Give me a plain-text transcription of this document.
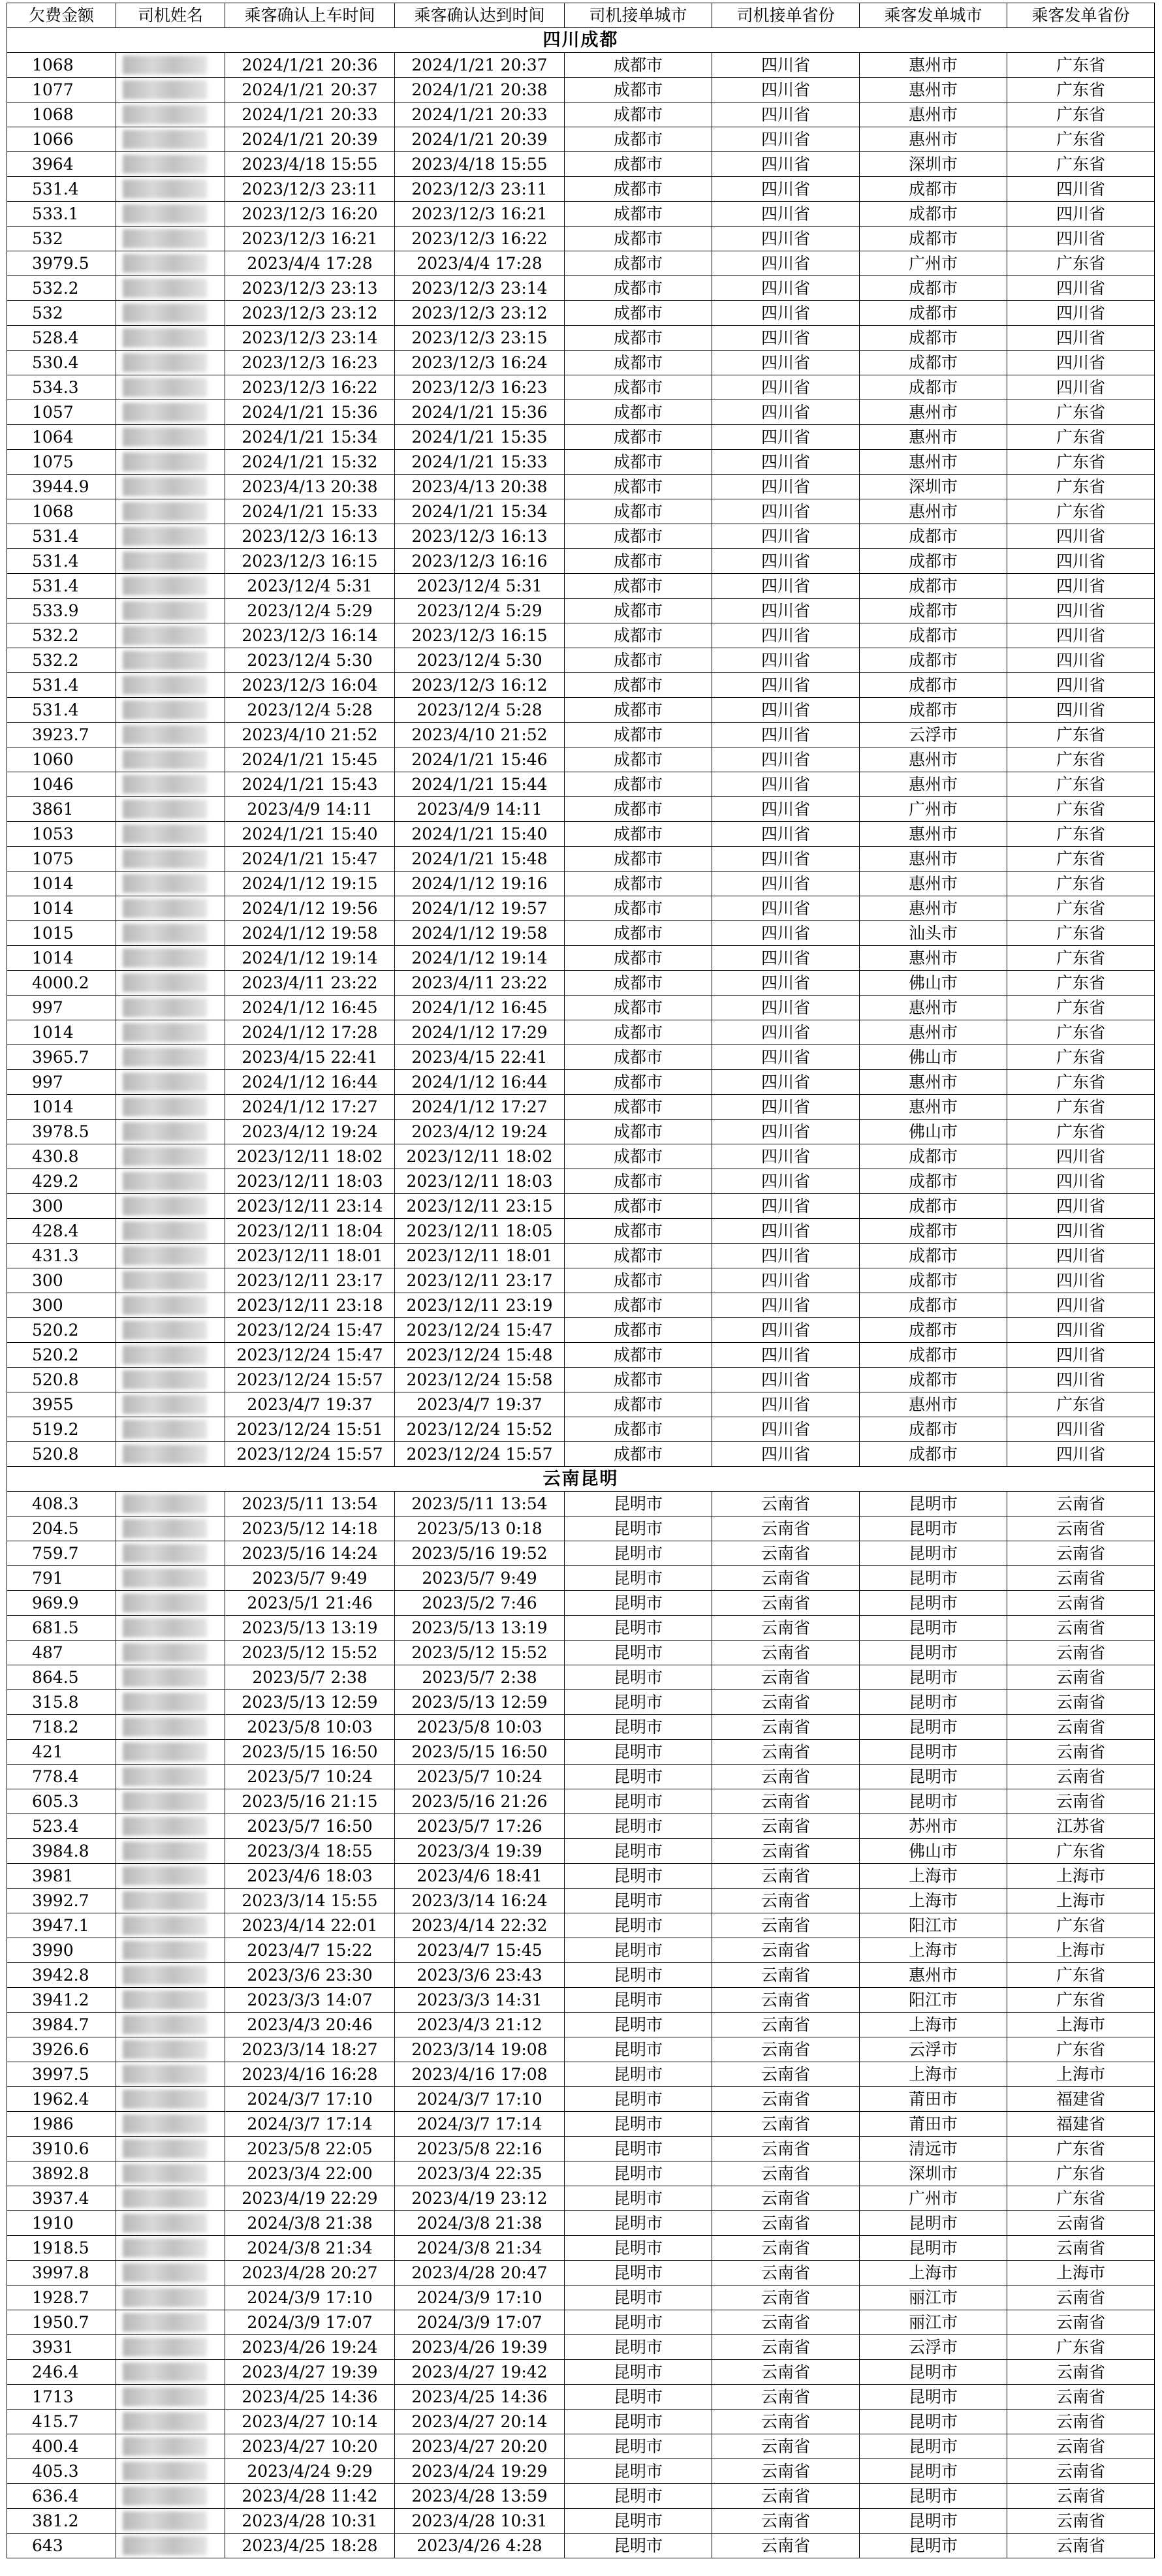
四川成都							
欠费金额	司机姓名	乘客确认上车时间	乘客确认达到时间	司机接单城市	司机接单省份	乘客发单城市	乘客发单省份
1068		2024/1/21 20:36	2024/1/21 20:37	成都市	四川省	惠州市	广东省
1077		2024/1/21 20:37	2024/1/21 20:38	成都市	四川省	惠州市	广东省
1068		2024/1/21 20:33	2024/1/21 20:33	成都市	四川省	惠州市	广东省
1066		2024/1/21 20:39	2024/1/21 20:39	成都市	四川省	惠州市	广东省
3964		2023/4/18 15:55	2023/4/18 15:55	成都市	四川省	深圳市	广东省
531.4		2023/12/3 23:11	2023/12/3 23:11	成都市	四川省	成都市	四川省
533.1		2023/12/3 16:20	2023/12/3 16:21	成都市	四川省	成都市	四川省
532		2023/12/3 16:21	2023/12/3 16:22	成都市	四川省	成都市	四川省
3979.5		2023/4/4 17:28	2023/4/4 17:28	成都市	四川省	广州市	广东省
532.2		2023/12/3 23:13	2023/12/3 23:14	成都市	四川省	成都市	四川省
532		2023/12/3 23:12	2023/12/3 23:12	成都市	四川省	成都市	四川省
528.4		2023/12/3 23:14	2023/12/3 23:15	成都市	四川省	成都市	四川省
530.4		2023/12/3 16:23	2023/12/3 16:24	成都市	四川省	成都市	四川省
534.3		2023/12/3 16:22	2023/12/3 16:23	成都市	四川省	成都市	四川省
1057		2024/1/21 15:36	2024/1/21 15:36	成都市	四川省	惠州市	广东省
1064		2024/1/21 15:34	2024/1/21 15:35	成都市	四川省	惠州市	广东省
1075		2024/1/21 15:32	2024/1/21 15:33	成都市	四川省	惠州市	广东省
3944.9		2023/4/13 20:38	2023/4/13 20:38	成都市	四川省	深圳市	广东省
1068		2024/1/21 15:33	2024/1/21 15:34	成都市	四川省	惠州市	广东省
531.4		2023/12/3 16:13	2023/12/3 16:13	成都市	四川省	成都市	四川省
531.4		2023/12/3 16:15	2023/12/3 16:16	成都市	四川省	成都市	四川省
531.4		2023/12/4 5:31	2023/12/4 5:31	成都市	四川省	成都市	四川省
533.9		2023/12/4 5:29	2023/12/4 5:29	成都市	四川省	成都市	四川省
532.2		2023/12/3 16:14	2023/12/3 16:15	成都市	四川省	成都市	四川省
532.2		2023/12/4 5:30	2023/12/4 5:30	成都市	四川省	成都市	四川省
531.4		2023/12/3 16:04	2023/12/3 16:12	成都市	四川省	成都市	四川省
531.4		2023/12/4 5:28	2023/12/4 5:28	成都市	四川省	成都市	四川省
3923.7		2023/4/10 21:52	2023/4/10 21:52	成都市	四川省	云浮市	广东省
1060		2024/1/21 15:45	2024/1/21 15:46	成都市	四川省	惠州市	广东省
1046		2024/1/21 15:43	2024/1/21 15:44	成都市	四川省	惠州市	广东省
3861		2023/4/9 14:11	2023/4/9 14:11	成都市	四川省	广州市	广东省
1053		2024/1/21 15:40	2024/1/21 15:40	成都市	四川省	惠州市	广东省
1075		2024/1/21 15:47	2024/1/21 15:48	成都市	四川省	惠州市	广东省
1014		2024/1/12 19:15	2024/1/12 19:16	成都市	四川省	惠州市	广东省
1014		2024/1/12 19:56	2024/1/12 19:57	成都市	四川省	惠州市	广东省
1015		2024/1/12 19:58	2024/1/12 19:58	成都市	四川省	汕头市	广东省
1014		2024/1/12 19:14	2024/1/12 19:14	成都市	四川省	惠州市	广东省
4000.2		2023/4/11 23:22	2023/4/11 23:22	成都市	四川省	佛山市	广东省
997		2024/1/12 16:45	2024/1/12 16:45	成都市	四川省	惠州市	广东省
1014		2024/1/12 17:28	2024/1/12 17:29	成都市	四川省	惠州市	广东省
3965.7		2023/4/15 22:41	2023/4/15 22:41	成都市	四川省	佛山市	广东省
997		2024/1/12 16:44	2024/1/12 16:44	成都市	四川省	惠州市	广东省
1014		2024/1/12 17:27	2024/1/12 17:27	成都市	四川省	惠州市	广东省
3978.5		2023/4/12 19:24	2023/4/12 19:24	成都市	四川省	佛山市	广东省
430.8		2023/12/11 18:02	2023/12/11 18:02	成都市	四川省	成都市	四川省
429.2		2023/12/11 18:03	2023/12/11 18:03	成都市	四川省	成都市	四川省
300		2023/12/11 23:14	2023/12/11 23:15	成都市	四川省	成都市	四川省
428.4		2023/12/11 18:04	2023/12/11 18:05	成都市	四川省	成都市	四川省
431.3		2023/12/11 18:01	2023/12/11 18:01	成都市	四川省	成都市	四川省
300		2023/12/11 23:17	2023/12/11 23:17	成都市	四川省	成都市	四川省
300		2023/12/11 23:18	2023/12/11 23:19	成都市	四川省	成都市	四川省
520.2		2023/12/24 15:47	2023/12/24 15:47	成都市	四川省	成都市	四川省
520.2		2023/12/24 15:47	2023/12/24 15:48	成都市	四川省	成都市	四川省
520.8		2023/12/24 15:57	2023/12/24 15:58	成都市	四川省	成都市	四川省
3955		2023/4/7 19:37	2023/4/7 19:37	成都市	四川省	惠州市	广东省
519.2		2023/12/24 15:51	2023/12/24 15:52	成都市	四川省	成都市	四川省
520.8		2023/12/24 15:57	2023/12/24 15:57	成都市	四川省	成都市	四川省
云南昆明							
408.3		2023/5/11 13:54	2023/5/11 13:54	昆明市	云南省	昆明市	云南省
204.5		2023/5/12 14:18	2023/5/13 0:18	昆明市	云南省	昆明市	云南省
759.7		2023/5/16 14:24	2023/5/16 19:52	昆明市	云南省	昆明市	云南省
791		2023/5/7 9:49	2023/5/7 9:49	昆明市	云南省	昆明市	云南省
969.9		2023/5/1 21:46	2023/5/2 7:46	昆明市	云南省	昆明市	云南省
681.5		2023/5/13 13:19	2023/5/13 13:19	昆明市	云南省	昆明市	云南省
487		2023/5/12 15:52	2023/5/12 15:52	昆明市	云南省	昆明市	云南省
864.5		2023/5/7 2:38	2023/5/7 2:38	昆明市	云南省	昆明市	云南省
315.8		2023/5/13 12:59	2023/5/13 12:59	昆明市	云南省	昆明市	云南省
718.2		2023/5/8 10:03	2023/5/8 10:03	昆明市	云南省	昆明市	云南省
421		2023/5/15 16:50	2023/5/15 16:50	昆明市	云南省	昆明市	云南省
778.4		2023/5/7 10:24	2023/5/7 10:24	昆明市	云南省	昆明市	云南省
605.3		2023/5/16 21:15	2023/5/16 21:26	昆明市	云南省	昆明市	云南省
523.4		2023/5/7 16:50	2023/5/7 17:26	昆明市	云南省	苏州市	江苏省
3984.8		2023/3/4 18:55	2023/3/4 19:39	昆明市	云南省	佛山市	广东省
3981		2023/4/6 18:03	2023/4/6 18:41	昆明市	云南省	上海市	上海市
3992.7		2023/3/14 15:55	2023/3/14 16:24	昆明市	云南省	上海市	上海市
3947.1		2023/4/14 22:01	2023/4/14 22:32	昆明市	云南省	阳江市	广东省
3990		2023/4/7 15:22	2023/4/7 15:45	昆明市	云南省	上海市	上海市
3942.8		2023/3/6 23:30	2023/3/6 23:43	昆明市	云南省	惠州市	广东省
3941.2		2023/3/3 14:07	2023/3/3 14:31	昆明市	云南省	阳江市	广东省
3984.7		2023/4/3 20:46	2023/4/3 21:12	昆明市	云南省	上海市	上海市
3926.6		2023/3/14 18:27	2023/3/14 19:08	昆明市	云南省	云浮市	广东省
3997.5		2023/4/16 16:28	2023/4/16 17:08	昆明市	云南省	上海市	上海市
1962.4		2024/3/7 17:10	2024/3/7 17:10	昆明市	云南省	莆田市	福建省
1986		2024/3/7 17:14	2024/3/7 17:14	昆明市	云南省	莆田市	福建省
3910.6		2023/5/8 22:05	2023/5/8 22:16	昆明市	云南省	清远市	广东省
3892.8		2023/3/4 22:00	2023/3/4 22:35	昆明市	云南省	深圳市	广东省
3937.4		2023/4/19 22:29	2023/4/19 23:12	昆明市	云南省	广州市	广东省
1910		2024/3/8 21:38	2024/3/8 21:38	昆明市	云南省	昆明市	云南省
1918.5		2024/3/8 21:34	2024/3/8 21:34	昆明市	云南省	昆明市	云南省
3997.8		2023/4/28 20:27	2023/4/28 20:47	昆明市	云南省	上海市	上海市
1928.7		2024/3/9 17:10	2024/3/9 17:10	昆明市	云南省	丽江市	云南省
1950.7		2024/3/9 17:07	2024/3/9 17:07	昆明市	云南省	丽江市	云南省
3931		2023/4/26 19:24	2023/4/26 19:39	昆明市	云南省	云浮市	广东省
246.4		2023/4/27 19:39	2023/4/27 19:42	昆明市	云南省	昆明市	云南省
1713		2023/4/25 14:36	2023/4/25 14:36	昆明市	云南省	昆明市	云南省
415.7		2023/4/27 10:14	2023/4/27 20:14	昆明市	云南省	昆明市	云南省
400.4		2023/4/27 10:20	2023/4/27 20:20	昆明市	云南省	昆明市	云南省
405.3		2023/4/24 9:29	2023/4/24 19:29	昆明市	云南省	昆明市	云南省
636.4		2023/4/28 11:42	2023/4/28 13:59	昆明市	云南省	昆明市	云南省
381.2		2023/4/28 10:31	2023/4/28 10:31	昆明市	云南省	昆明市	云南省
643		2023/4/25 18:28	2023/4/26 4:28	昆明市	云南省	昆明市	云南省
